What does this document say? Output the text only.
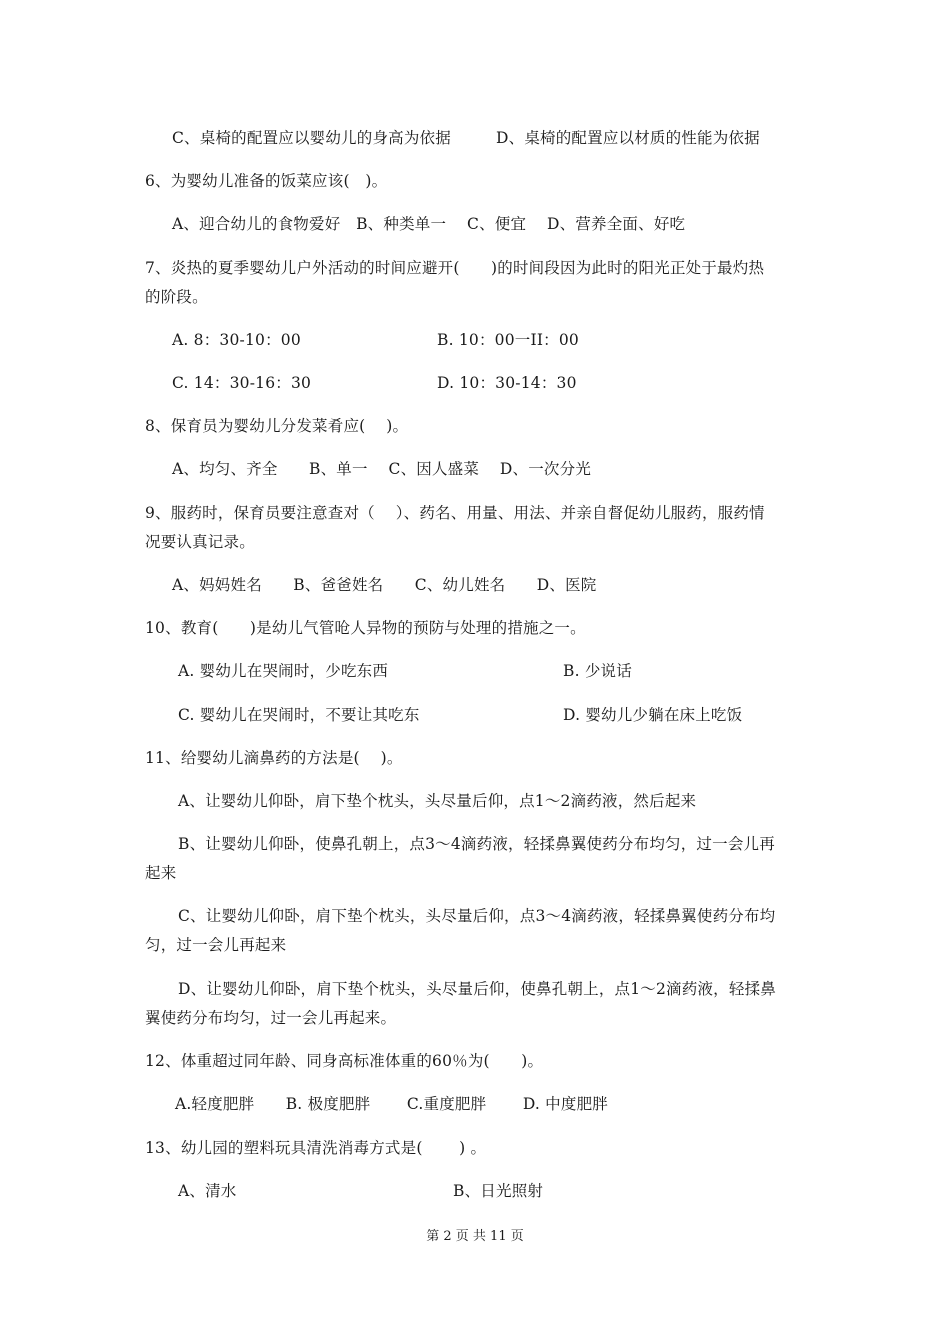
C、桌椅的配置应以婴幼儿的身高为依据	D、桌椅的配置应以材质的性能为依据
6、为婴幼儿准备的饭菜应该(　)。
A、迎合幼儿的食物爱好　B、种类单一　 C、便宜　 D、营养全面、好吃
7、炎热的夏季婴幼儿户外活动的时间应避开(　　)的时间段因为此时的阳光正处于最灼热
的阶段。
A. 8：30-10：00	B. 10：00一II：00
C. 14：30-16：30	D. 10：30-14：30
8、保育员为婴幼儿分发菜肴应(　 )。
A、均匀、齐全　　B、单一　 C、因人盛菜　 D、一次分光
9、服药时，保育员要注意查对（　 ）、药名、用量、用法、并亲自督促幼儿服药，服药情
况要认真记录。
A、妈妈姓名　　B、爸爸姓名　　C、幼儿姓名　　D、医院
10、教育(　　)是幼儿气管呛人异物的预防与处理的措施之一。
A. 婴幼儿在哭闹时，少吃东西	B. 少说话
C. 婴幼儿在哭闹时，不要让其吃东	D. 婴幼儿少躺在床上吃饭
11、给婴幼儿滴鼻药的方法是(　 )。
A、让婴幼儿仰卧，肩下垫个枕头，头尽量后仰，点1～2滴药液，然后起来
B、让婴幼儿仰卧，使鼻孔朝上，点3～4滴药液，轻揉鼻翼使药分布均匀，过一会儿再
起来
C、让婴幼儿仰卧，肩下垫个枕头，头尽量后仰，点3～4滴药液，轻揉鼻翼使药分布均
匀，过一会儿再起来
D、让婴幼儿仰卧，肩下垫个枕头，头尽量后仰，使鼻孔朝上，点1～2滴药液，轻揉鼻
翼使药分布均匀，过一会儿再起来。
12、体重超过同年龄、同身高标准体重的60％为(　　)。
A.轻度肥胖　　B. 极度肥胖　　 C.重度肥胖　　 D. 中度肥胖
13、幼儿园的塑料玩具清洗消毒方式是(　　 ) 。
A、清水	B、日光照射
第 2 页 共 11 页
